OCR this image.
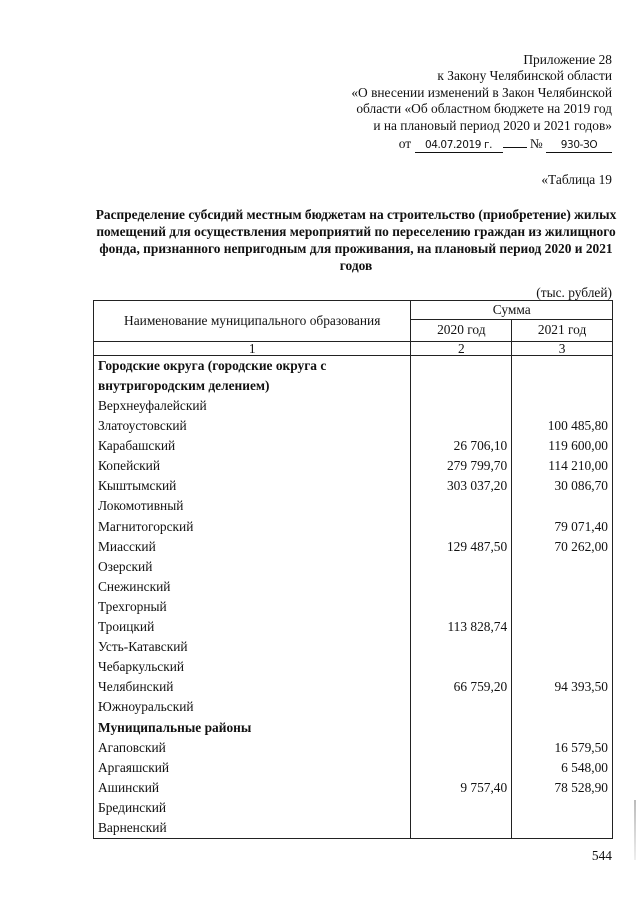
Приложение 28
к Закону Челябинской области
«О внесении изменений в Закон Челябинской
области «Об областном бюджете на 2019 год
и на плановый период 2020 и 2021 годов»
от 04.07.2019 г.	№ 930-ЗО
«Таблица 19
Распределение субсидий местным бюджетам на строительство (приобретение) жилых помещений для осуществления мероприятий по переселению граждан из жилищного фонда, признанного непригодным для проживания, на плановый период 2020 и 2021 годов
(тыс. рублей)
Наименование муниципального образования	Сумма	
	2020 год	2021 год
1	2	3
Городские округа (городские округа с внутригородским делением)		
Верхнеуфалейский		
Златоустовский		100 485,80
Карабашский	26 706,10	119 600,00
Копейский	279 799,70	114 210,00
Кыштымский	303 037,20	30 086,70
Локомотивный		
Магнитогорский		79 071,40
Миасский	129 487,50	70 262,00
Озерский		
Снежинский		
Трехгорный		
Троицкий	113 828,74	
Усть-Катавский		
Чебаркульский		
Челябинский	66 759,20	94 393,50
Южноуральский		
Муниципальные районы		
Агаповский		16 579,50
Аргаяшский		6 548,00
Ашинский	9 757,40	78 528,90
Брединский		
Варненский		
544
